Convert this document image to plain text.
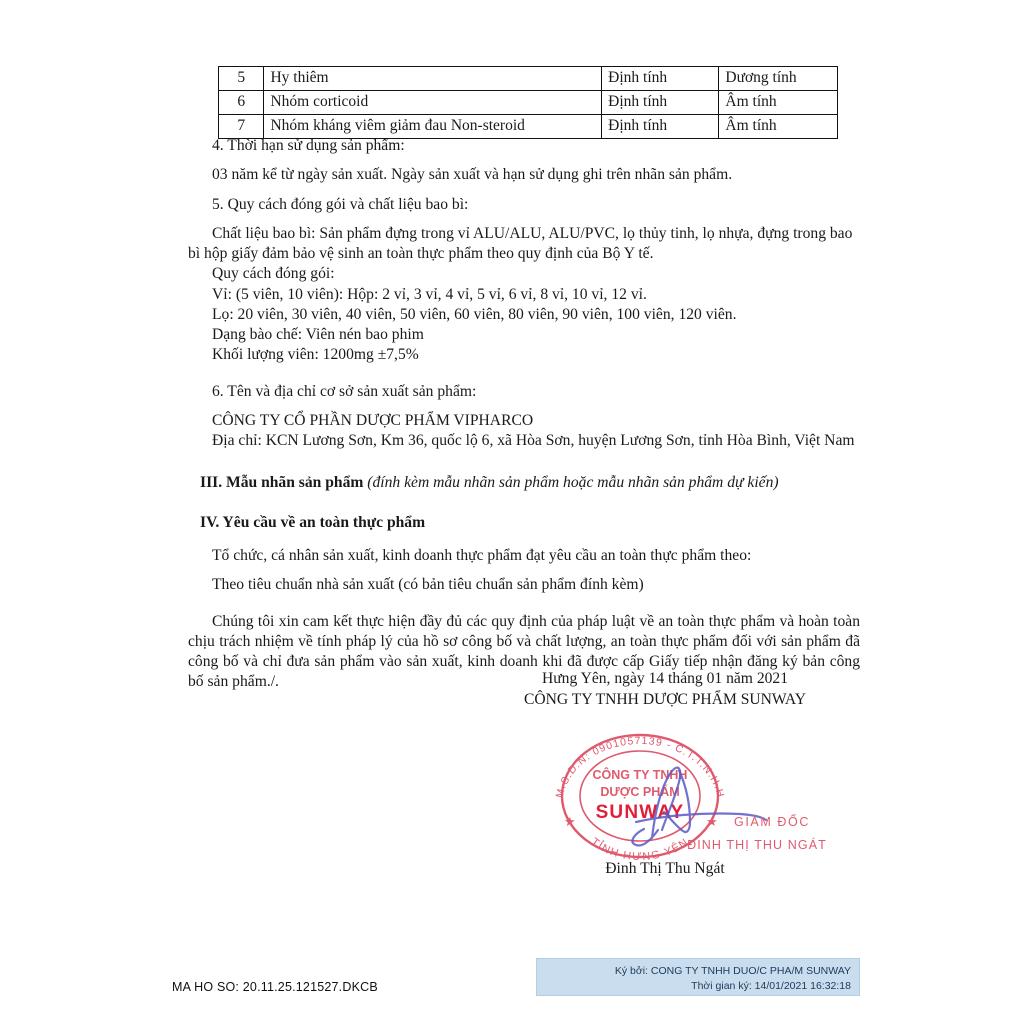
5	Hy thiêm	Định tính	Dương tính
6	Nhóm corticoid	Định tính	Âm tính
7	Nhóm kháng viêm giảm đau Non-steroid	Định tính	Âm tính

4. Thời hạn sử dụng sản phẩm:

03 năm kể từ ngày sản xuất. Ngày sản xuất và hạn sử dụng ghi trên nhãn sản phẩm.

5. Quy cách đóng gói và chất liệu bao bì:

Chất liệu bao bì: Sản phẩm đựng trong vỉ ALU/ALU, ALU/PVC, lọ thủy tinh, lọ nhựa, đựng trong bao bì hộp giấy đảm bảo vệ sinh an toàn thực phẩm theo quy định của Bộ Y tế.

Quy cách đóng gói:

Vỉ: (5 viên, 10 viên): Hộp: 2 vỉ, 3 vỉ, 4 vỉ, 5 vỉ, 6 vỉ, 8 vỉ, 10 vỉ, 12 vỉ.

Lọ: 20 viên, 30 viên, 40 viên, 50 viên, 60 viên, 80 viên, 90 viên, 100 viên, 120 viên.

Dạng bào chế: Viên nén bao phim

Khối lượng viên: 1200mg ±7,5%

6. Tên và địa chỉ cơ sở sản xuất sản phẩm:

CÔNG TY CỔ PHẦN DƯỢC PHẨM VIPHARCO

Địa chỉ: KCN Lương Sơn, Km 36, quốc lộ 6, xã Hòa Sơn, huyện Lương Sơn, tỉnh Hòa Bình, Việt Nam

III. Mẫu nhãn sản phẩm (đính kèm mẫu nhãn sản phẩm hoặc mẫu nhãn sản phẩm dự kiến)

IV. Yêu cầu về an toàn thực phẩm

Tổ chức, cá nhân sản xuất, kinh doanh thực phẩm đạt yêu cầu an toàn thực phẩm theo:

Theo tiêu chuẩn nhà sản xuất (có bản tiêu chuẩn sản phẩm đính kèm)

Chúng tôi xin cam kết thực hiện đầy đủ các quy định của pháp luật về an toàn thực phẩm và hoàn toàn chịu trách nhiệm về tính pháp lý của hồ sơ công bố và chất lượng, an toàn thực phẩm đối với sản phẩm đã công bố và chỉ đưa sản phẩm vào sản xuất, kinh doanh khi đã được cấp Giấy tiếp nhận đăng ký bản công bố sản phẩm./.	Hưng Yên, ngày 14 tháng 01 năm 2021
CÔNG TY TNHH DƯỢC PHẨM SUNWAY
M.S.D.N: 0901057139 - C.T.T.N.H.H
TỈNH HƯNG YÊN
★	★
CÔNG TY TNHH
DƯỢC PHẨM
SUNWAY	GIÁM ĐỐC
ĐINH THỊ THU NGÁT
Đinh Thị Thu Ngát
Ký bởi: CONG TY TNHH DUO/C PHA/M SUNWAY
Thời gian ký: 14/01/2021 16:32:18
MA HO SO: 20.11.25.121527.DKCB
